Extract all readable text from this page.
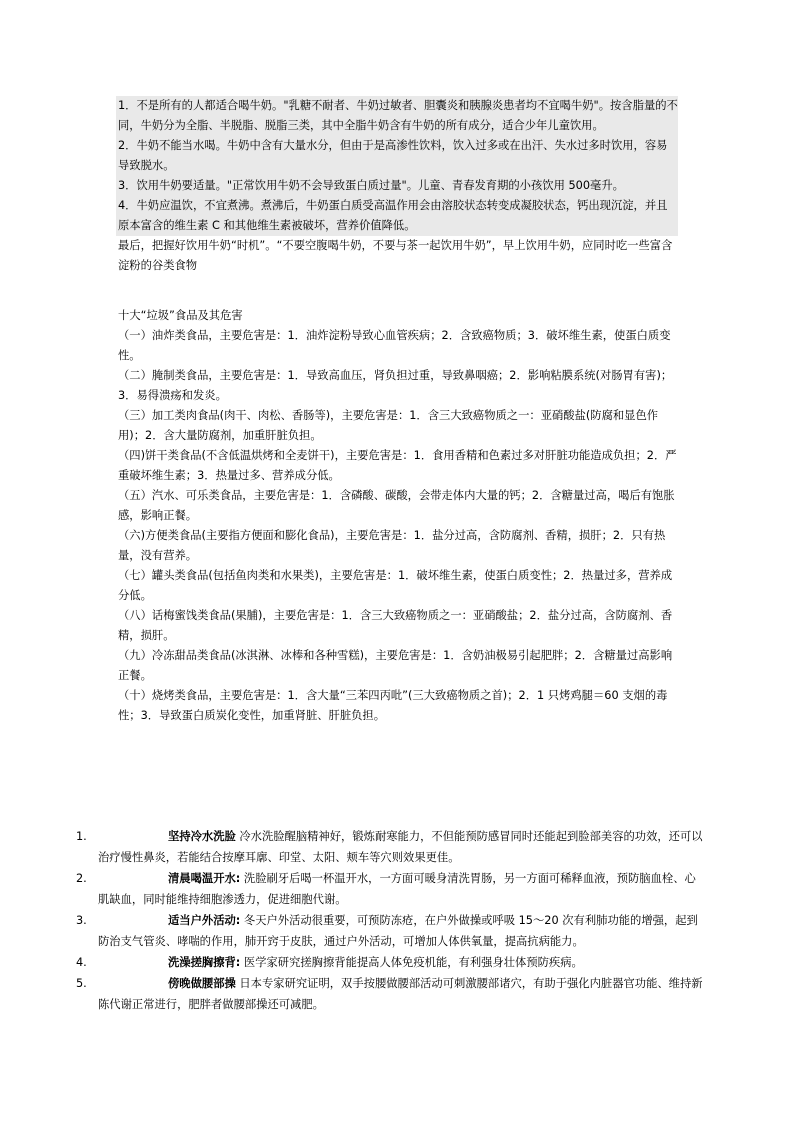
1．不是所有的人都适合喝牛奶。"乳糖不耐者、牛奶过敏者、胆囊炎和胰腺炎患者均不宜喝牛奶"。按含脂量的不同，牛奶分为全脂、半脱脂、脱脂三类，其中全脂牛奶含有牛奶的所有成分，适合少年儿童饮用。

2．牛奶不能当水喝。牛奶中含有大量水分，但由于是高渗性饮料，饮入过多或在出汗、失水过多时饮用，容易导致脱水。

3．饮用牛奶要适量。"正常饮用牛奶不会导致蛋白质过量"。儿童、青春发育期的小孩饮用 500毫升。

4．牛奶应温饮，不宜煮沸。煮沸后，牛奶蛋白质受高温作用会由溶胶状态转变成凝胶状态，钙出现沉淀，并且原本富含的维生素 C 和其他维生素被破坏，营养价值降低。

最后，把握好饮用牛奶“时机”。“不要空腹喝牛奶，不要与茶一起饮用牛奶”，早上饮用牛奶，应同时吃一些富含淀粉的谷类食物

十大“垃圾”食品及其危害

（一）油炸类食品，主要危害是：1．油炸淀粉导致心血管疾病；2．含致癌物质；3．破坏维生素，使蛋白质变性。

（二）腌制类食品，主要危害是：1．导致高血压，肾负担过重，导致鼻咽癌；2．影响粘膜系统(对肠胃有害)；3．易得溃疡和发炎。

（三）加工类肉食品(肉干、肉松、香肠等)，主要危害是：1．含三大致癌物质之一：亚硝酸盐(防腐和显色作用)；2．含大量防腐剂，加重肝脏负担。

（四)饼干类食品(不含低温烘烤和全麦饼干)，主要危害是：1．食用香精和色素过多对肝脏功能造成负担；2．严重破坏维生素；3．热量过多、营养成分低。

（五）汽水、可乐类食品，主要危害是：1．含磷酸、碳酸，会带走体内大量的钙；2．含糖量过高，喝后有饱胀感，影响正餐。

（六)方便类食品(主要指方便面和膨化食品)，主要危害是：1．盐分过高，含防腐剂、香精，损肝；2．只有热量，没有营养。

（七）罐头类食品(包括鱼肉类和水果类)，主要危害是：1．破坏维生素，使蛋白质变性；2．热量过多，营养成分低。

（八）话梅蜜饯类食品(果脯)，主要危害是：1．含三大致癌物质之一：亚硝酸盐；2．盐分过高，含防腐剂、香精，损肝。

（九）冷冻甜品类食品(冰淇淋、冰棒和各种雪糕)，主要危害是：1．含奶油极易引起肥胖；2．含糖量过高影响正餐。

（十）烧烤类食品，主要危害是：1．含大量“三苯四丙吡”(三大致癌物质之首)；2．1 只烤鸡腿＝60 支烟的毒性；3．导致蛋白质炭化变性，加重肾脏、肝脏负担。

1.	坚持冷水洗脸 冷水洗脸醒脑精神好，锻炼耐寒能力，不但能预防感冒同时还能起到脸部美容的功效，还可以治疗慢性鼻炎，若能结合按摩耳廓、印堂、太阳、颊车等穴则效果更佳。
2.	清晨喝温开水: 洗脸刷牙后喝一杯温开水，一方面可暖身清洗胃肠，另一方面可稀释血液，预防脑血栓、心肌缺血，同时能维持细胞渗透力，促进细胞代谢。
3.	适当户外活动: 冬天户外活动很重要，可预防冻疮，在户外做操或呼吸 15～20 次有利肺功能的增强，起到防治支气管炎、哮喘的作用，肺开窍于皮肤，通过户外活动，可增加人体供氧量，提高抗病能力。
4.	洗澡搓胸擦背: 医学家研究搓胸擦背能提高人体免疫机能，有利强身壮体预防疾病。
5.	傍晚做腰部操 日本专家研究证明，双手按腰做腰部活动可刺激腰部诸穴，有助于强化内脏器官功能、维持新陈代谢正常进行，肥胖者做腰部操还可减肥。
